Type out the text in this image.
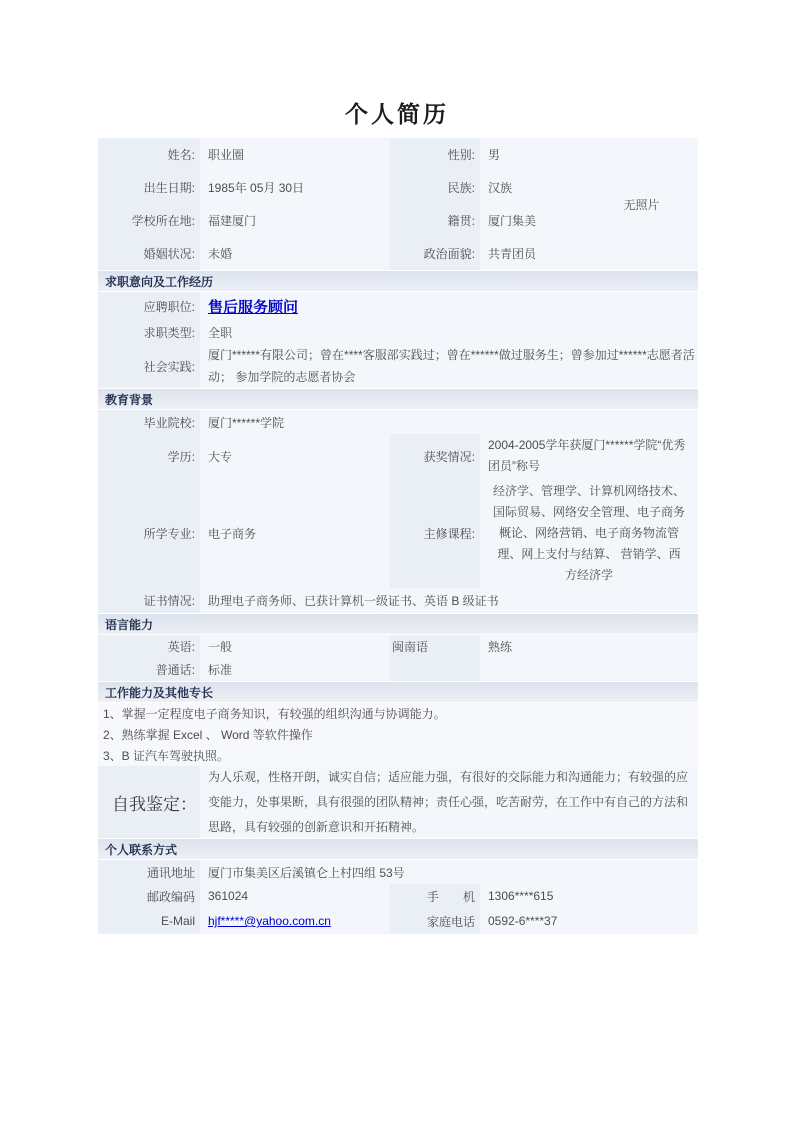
个人简历
姓名:	职业圈	性别:	男
无照片
出生日期:	1985年 05月 30日	民族:	汉族
学校所在地:	福建厦门	籍贯:	厦门集美
婚姻状况:	未婚	政治面貌:	共青团员
求职意向及工作经历
应聘职位: 售后服务顾问
求职类型:	全职
社会实践:
厦门******有限公司；曾在****客服部实践过；曾在******做过服务生；曾参加过******志愿者活动； 参加学院的志愿者协会
教育背景
毕业院校:	厦门******学院
学历:	大专	获奖情况:
2004-2005学年获厦门******学院“优秀团员”称号
所学专业:	电子商务	主修课程:
经济学、管理学、计算机网络技术、国际贸易、网络安全管理、电子商务概论、网络营销、电子商务物流管理、网上支付与结算、 营销学、西方经济学
证书情况:	助理电子商务师、已获计算机一级证书、英语 B 级证书
语言能力
英语:	一般	闽南语	熟练
普通话:	标准
工作能力及其他专长
1、掌握一定程度电子商务知识，有较强的组织沟通与协调能力。
2、熟练掌握 Excel 、 Word 等软件操作
3、B 证汽车驾驶执照。
自我鉴定：
为人乐观，性格开朗，诚实自信；适应能力强，有很好的交际能力和沟通能力；有较强的应变能力，处事果断，具有很强的团队精神；责任心强，吃苦耐劳，在工作中有自己的方法和思路，具有较强的创新意识和开拓精神。
个人联系方式
通讯地址	厦门市集美区后溪镇仑上村四组 53号
邮政编码	361024	手　　机	1306****615
E-Mail	hjf*****@yahoo.com.cn	家庭电话	0592-6****37
